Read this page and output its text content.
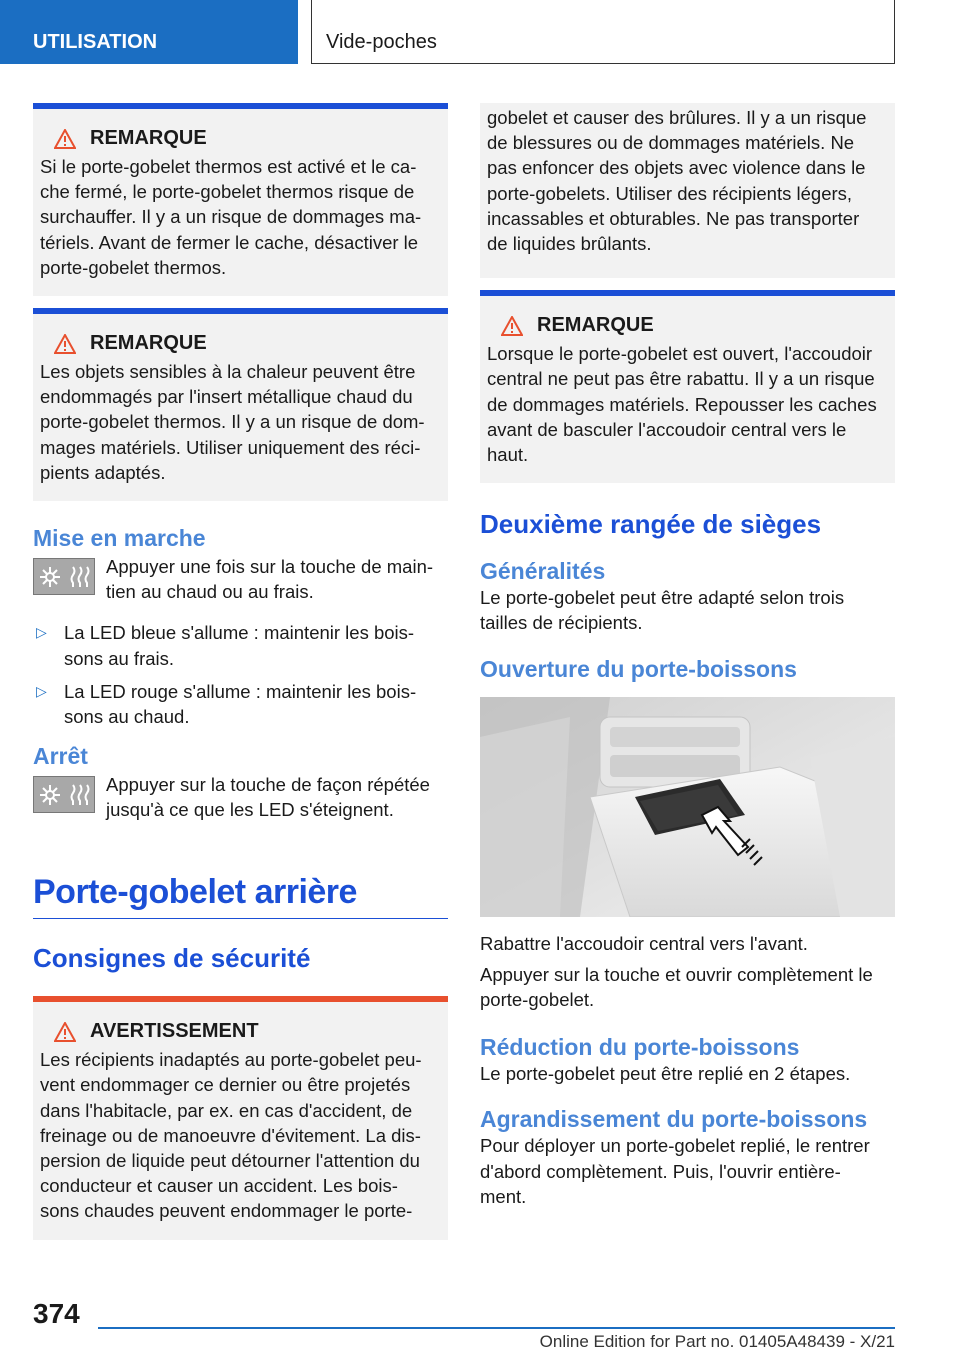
UTILISATION	Vide-poches
REMARQUE

Si le porte-gobelet thermos est activé et le ca-
che fermé, le porte-gobelet thermos risque de
surchauffer. Il y a un risque de dommages ma-
tériels. Avant de fermer le cache, désactiver le
porte-gobelet thermos.

REMARQUE

Les objets sensibles à la chaleur peuvent être
endommagés par l'insert métallique chaud du
porte-gobelet thermos. Il y a un risque de dom-
mages matériels. Utiliser uniquement des réci-
pients adaptés.

Mise en marche

Appuyer une fois sur la touche de main-
tien au chaud ou au frais.

▷ La LED bleue s'allume : maintenir les bois-
sons au frais.

▷ La LED rouge s'allume : maintenir les bois-
sons au chaud.

Arrêt

Appuyer sur la touche de façon répétée
jusqu'à ce que les LED s'éteignent.

Porte-gobelet arrière
Consignes de sécurité
AVERTISSEMENT

Les récipients inadaptés au porte-gobelet peu-
vent endommager ce dernier ou être projetés
dans l'habitacle, par ex. en cas d'accident, de
freinage ou de manoeuvre d'évitement. La dis-
persion de liquide peut détourner l'attention du
conducteur et causer un accident. Les bois-
sons chaudes peuvent endommager le porte-

gobelet et causer des brûlures. Il y a un risque
de blessures ou de dommages matériels. Ne
pas enfoncer des objets avec violence dans le
porte-gobelets. Utiliser des récipients légers,
incassables et obturables. Ne pas transporter
de liquides brûlants.

REMARQUE

Lorsque le porte-gobelet est ouvert, l'accoudoir
central ne peut pas être rabattu. Il y a un risque
de dommages matériels. Repousser les caches
avant de basculer l'accoudoir central vers le
haut.

Deuxième rangée de sièges
Généralités

Le porte-gobelet peut être adapté selon trois
tailles de récipients.

Ouverture du porte-boissons

Rabattre l'accoudoir central vers l'avant.

Appuyer sur la touche et ouvrir complètement le
porte-gobelet.

Réduction du porte-boissons

Le porte-gobelet peut être replié en 2 étapes.

Agrandissement du porte-boissons

Pour déployer un porte-gobelet replié, le rentrer
d'abord complètement. Puis, l'ouvrir entière-
ment.

374
Online Edition for Part no. 01405A48439 - X/21
